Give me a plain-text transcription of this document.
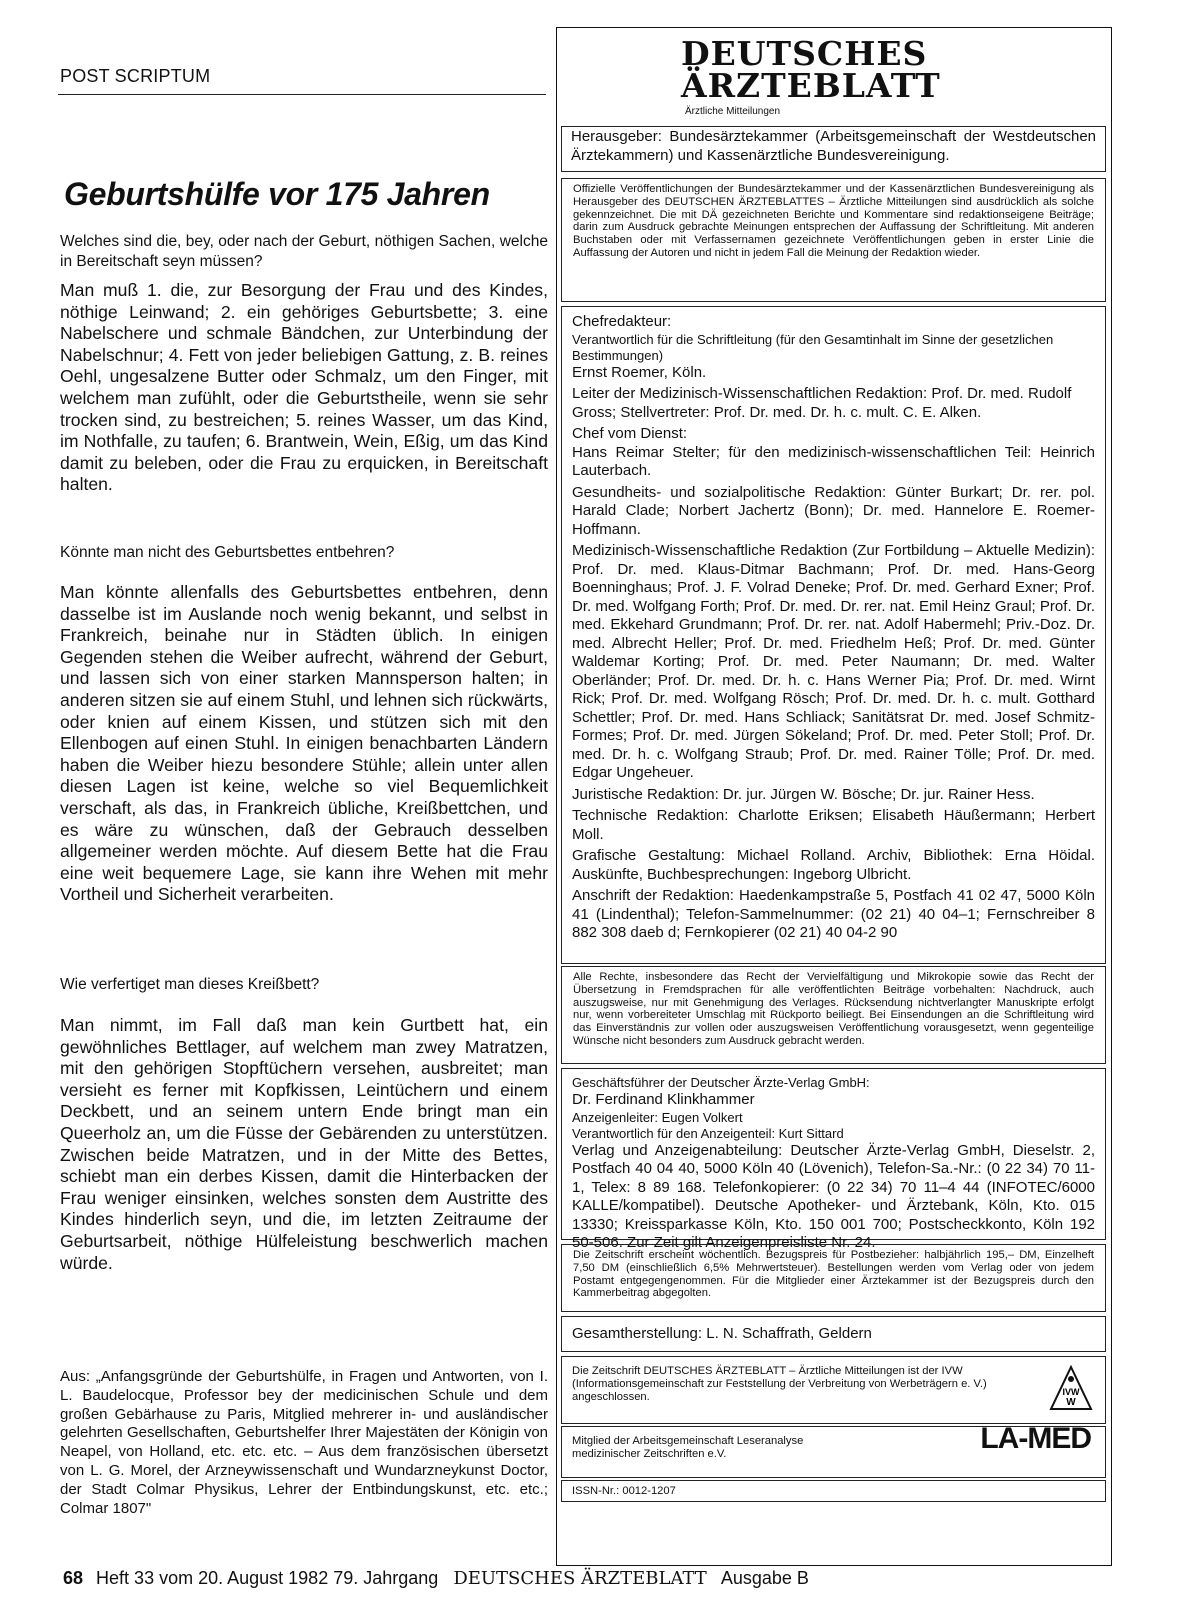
POST SCRIPTUM
Geburtshülfe vor 175 Jahren
Welches sind die, bey, oder nach der Geburt, nöthigen Sachen, welche in Bereitschaft seyn müssen?
Man muß 1. die, zur Besorgung der Frau und des Kindes, nöthige Leinwand; 2. ein gehöriges Geburtsbette; 3. eine Nabelschere und schmale Bändchen, zur Unterbindung der Nabelschnur; 4. Fett von jeder beliebigen Gattung, z. B. reines Oehl, ungesalzene Butter oder Schmalz, um den Finger, mit welchem man zufühlt, oder die Geburtstheile, wenn sie sehr trocken sind, zu bestreichen; 5. reines Wasser, um das Kind, im Nothfalle, zu taufen; 6. Brantwein, Wein, Eßig, um das Kind damit zu beleben, oder die Frau zu erquicken, in Bereitschaft halten.
Könnte man nicht des Geburtsbettes entbehren?
Man könnte allenfalls des Geburtsbettes entbehren, denn dasselbe ist im Auslande noch wenig bekannt, und selbst in Frankreich, beinahe nur in Städten üblich. In einigen Gegenden stehen die Weiber aufrecht, während der Geburt, und lassen sich von einer starken Mannsperson halten; in anderen sitzen sie auf einem Stuhl, und lehnen sich rückwärts, oder knien auf einem Kissen, und stützen sich mit den Ellenbogen auf einen Stuhl. In einigen benachbarten Ländern haben die Weiber hiezu besondere Stühle; allein unter allen diesen Lagen ist keine, welche so viel Bequemlichkeit verschaft, als das, in Frankreich übliche, Kreißbettchen, und es wäre zu wünschen, daß der Gebrauch desselben allgemeiner werden möchte. Auf diesem Bette hat die Frau eine weit bequemere Lage, sie kann ihre Wehen mit mehr Vortheil und Sicherheit verarbeiten.
Wie verfertiget man dieses Kreißbett?
Man nimmt, im Fall daß man kein Gurtbett hat, ein gewöhnliches Bettlager, auf welchem man zwey Matratzen, mit den gehörigen Stopftüchern versehen, ausbreitet; man versieht es ferner mit Kopfkissen, Leintüchern und einem Deckbett, und an seinem untern Ende bringt man ein Queerholz an, um die Füsse der Gebärenden zu unterstützen. Zwischen beide Matratzen, und in der Mitte des Bettes, schiebt man ein derbes Kissen, damit die Hinterbacken der Frau weniger einsinken, welches sonsten dem Austritte des Kindes hinderlich seyn, und die, im letzten Zeitraume der Geburtsarbeit, nöthige Hülfeleistung beschwerlich machen würde.
Aus: „Anfangsgründe der Geburtshülfe, in Fragen und Antworten, von I. L. Baudelocque, Professor bey der medicinischen Schule und dem großen Gebärhause zu Paris, Mitglied mehrerer in- und ausländischer gelehrten Gesellschaften, Geburtshelfer Ihrer Majestäten der Königin von Neapel, von Holland, etc. etc. etc. – Aus dem französischen übersetzt von L. G. Morel, der Arzneywissenschaft und Wundarzneykunst Doctor, der Stadt Colmar Physikus, Lehrer der Entbindungskunst, etc. etc.; Colmar 1807"
DEUTSCHES
ÄRZTEBLATT
Ärztliche Mitteilungen
Herausgeber: Bundesärztekammer (Arbeitsgemeinschaft der Westdeutschen Ärztekammern) und Kassenärztliche Bundesvereinigung.
Offizielle Veröffentlichungen der Bundesärztekammer und der Kassenärztlichen Bundesvereinigung als Herausgeber des DEUTSCHEN ÄRZTEBLATTES – Ärztliche Mitteilungen sind ausdrücklich als solche gekennzeichnet. Die mit DÄ gezeichneten Berichte und Kommentare sind redaktionseigene Beiträge; darin zum Ausdruck gebrachte Meinungen entsprechen der Auffassung der Schriftleitung. Mit anderen Buchstaben oder mit Verfassernamen gezeichnete Veröffentlichungen geben in erster Linie die Auffassung der Autoren und nicht in jedem Fall die Meinung der Redaktion wieder.
Chefredakteur:
Verantwortlich für die Schriftleitung (für den Gesamtinhalt im Sinne der gesetzlichen Bestimmungen)
Ernst Roemer, Köln.
Leiter der Medizinisch-Wissenschaftlichen Redaktion: Prof. Dr. med. Rudolf Gross; Stellvertreter: Prof. Dr. med. Dr. h. c. mult. C. E. Alken.
Chef vom Dienst:
Hans Reimar Stelter; für den medizinisch-wissenschaftlichen Teil: Heinrich Lauterbach.
Gesundheits- und sozialpolitische Redaktion: Günter Burkart; Dr. rer. pol. Harald Clade; Norbert Jachertz (Bonn); Dr. med. Hannelore E. Roemer-Hoffmann.
Medizinisch-Wissenschaftliche Redaktion (Zur Fortbildung – Aktuelle Medizin): Prof. Dr. med. Klaus-Ditmar Bachmann; Prof. Dr. med. Hans-Georg Boenninghaus; Prof. J. F. Volrad Deneke; Prof. Dr. med. Gerhard Exner; Prof. Dr. med. Wolfgang Forth; Prof. Dr. med. Dr. rer. nat. Emil Heinz Graul; Prof. Dr. med. Ekkehard Grundmann; Prof. Dr. rer. nat. Adolf Habermehl; Priv.-Doz. Dr. med. Albrecht Heller; Prof. Dr. med. Friedhelm Heß; Prof. Dr. med. Günter Waldemar Korting; Prof. Dr. med. Peter Naumann; Dr. med. Walter Oberländer; Prof. Dr. med. Dr. h. c. Hans Werner Pia; Prof. Dr. med. Wirnt Rick; Prof. Dr. med. Wolfgang Rösch; Prof. Dr. med. Dr. h. c. mult. Gotthard Schettler; Prof. Dr. med. Hans Schliack; Sanitätsrat Dr. med. Josef Schmitz-Formes; Prof. Dr. med. Jürgen Sökeland; Prof. Dr. med. Peter Stoll; Prof. Dr. med. Dr. h. c. Wolfgang Straub; Prof. Dr. med. Rainer Tölle; Prof. Dr. med. Edgar Ungeheuer.
Juristische Redaktion: Dr. jur. Jürgen W. Bösche; Dr. jur. Rainer Hess.
Technische Redaktion: Charlotte Eriksen; Elisabeth Häußermann; Herbert Moll.
Grafische Gestaltung: Michael Rolland. Archiv, Bibliothek: Erna Höidal. Auskünfte, Buchbesprechungen: Ingeborg Ulbricht.
Anschrift der Redaktion: Haedenkampstraße 5, Postfach 41 02 47, 5000 Köln 41 (Lindenthal); Telefon-Sammelnummer: (02 21) 40 04–1; Fernschreiber 8 882 308 daeb d; Fernkopierer (02 21) 40 04-2 90
Alle Rechte, insbesondere das Recht der Vervielfältigung und Mikrokopie sowie das Recht der Übersetzung in Fremdsprachen für alle veröffentlichten Beiträge vorbehalten: Nachdruck, auch auszugsweise, nur mit Genehmigung des Verlages. Rücksendung nichtverlangter Manuskripte erfolgt nur, wenn vorbereiteter Umschlag mit Rückporto beiliegt. Bei Einsendungen an die Schriftleitung wird das Einverständnis zur vollen oder auszugsweisen Veröffentlichung vorausgesetzt, wenn gegenteilige Wünsche nicht besonders zum Ausdruck gebracht werden.
Geschäftsführer der Deutscher Ärzte-Verlag GmbH:
Dr. Ferdinand Klinkhammer
Anzeigenleiter: Eugen Volkert
Verantwortlich für den Anzeigenteil: Kurt Sittard
Verlag und Anzeigenabteilung: Deutscher Ärzte-Verlag GmbH, Dieselstr. 2, Postfach 40 04 40, 5000 Köln 40 (Lövenich), Telefon-Sa.-Nr.: (0 22 34) 70 11-1, Telex: 8 89 168. Telefonkopierer: (0 22 34) 70 11–4 44 (INFOTEC/6000 KALLE/kompatibel). Deutsche Apotheker- und Ärztebank, Köln, Kto. 015 13330; Kreissparkasse Köln, Kto. 150 001 700; Postscheckkonto, Köln 192 50-506. Zur Zeit gilt Anzeigenpreisliste Nr. 24.
Die Zeitschrift erscheint wöchentlich. Bezugspreis für Postbezieher: halbjährlich 195,– DM, Einzelheft 7,50 DM (einschließlich 6,5% Mehrwertsteuer). Bestellungen werden vom Verlag oder von jedem Postamt entgegengenommen. Für die Mitglieder einer Ärztekammer ist der Bezugspreis durch den Kammerbeitrag abgegolten.
Gesamtherstellung: L. N. Schaffrath, Geldern
Die Zeitschrift DEUTSCHES ÄRZTEBLATT – Ärztliche Mitteilungen ist der IVW (Informationsgemeinschaft zur Feststellung der Verbreitung von Werbeträgern e. V.) angeschlossen.	IVW
W
Mitglied der Arbeitsgemeinschaft Leseranalyse medizinischer Zeitschriften e.V.	LA-MED
ISSN-Nr.: 0012-1207
68 Heft 33 vom 20. August 1982 79. Jahrgang DEUTSCHES ÄRZTEBLATT Ausgabe B
